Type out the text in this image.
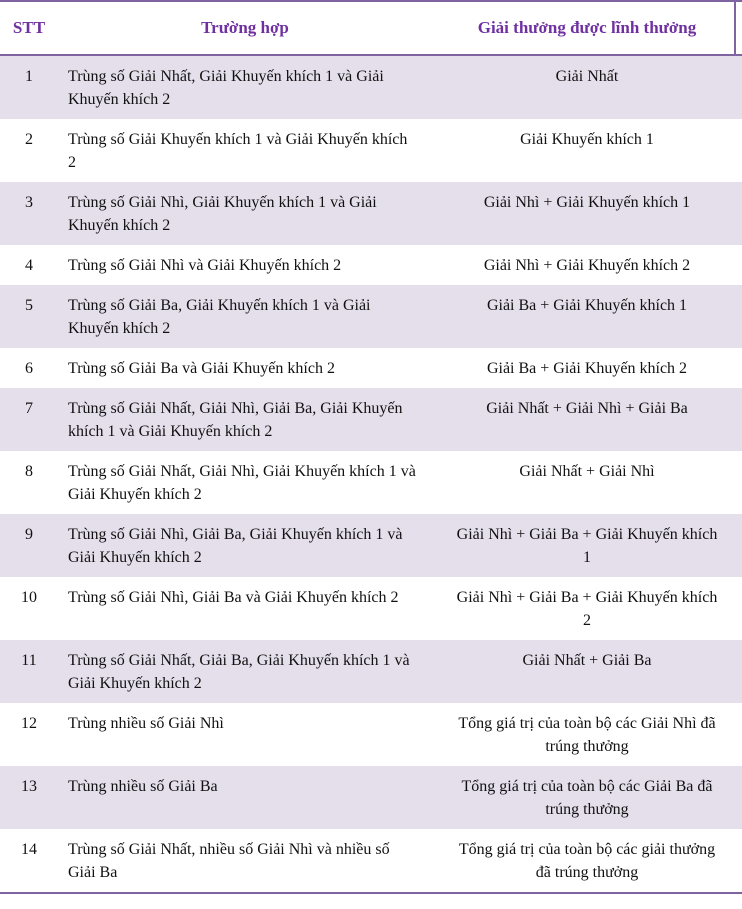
STT	Trường hợp	Giải thưởng được lĩnh thưởng
1	Trùng số Giải Nhất, Giải Khuyến khích 1 và Giải Khuyến khích 2	Giải Nhất
2	Trùng số Giải Khuyến khích 1 và Giải Khuyến khích 2	Giải Khuyến khích 1
3	Trùng số Giải Nhì, Giải Khuyến khích 1 và Giải Khuyến khích 2	Giải Nhì + Giải Khuyến khích 1
4	Trùng số Giải Nhì và Giải Khuyến khích 2	Giải Nhì + Giải Khuyến khích 2
5	Trùng số Giải Ba, Giải Khuyến khích 1 và Giải Khuyến khích 2	Giải Ba + Giải Khuyến khích 1
6	Trùng số Giải Ba và Giải Khuyến khích 2	Giải Ba + Giải Khuyến khích 2
7	Trùng số Giải Nhất, Giải Nhì, Giải Ba, Giải Khuyến khích 1 và Giải Khuyến khích 2	Giải Nhất + Giải Nhì + Giải Ba
8	Trùng số Giải Nhất, Giải Nhì, Giải Khuyến khích 1 và Giải Khuyến khích 2	Giải Nhất + Giải Nhì
9	Trùng số Giải Nhì, Giải Ba, Giải Khuyến khích 1 và Giải Khuyến khích 2	Giải Nhì + Giải Ba + Giải Khuyến khích 1
10	Trùng số Giải Nhì, Giải Ba và Giải Khuyến khích 2	Giải Nhì + Giải Ba + Giải Khuyến khích 2
11	Trùng số Giải Nhất, Giải Ba, Giải Khuyến khích 1 và Giải Khuyến khích 2	Giải Nhất + Giải Ba
12	Trùng nhiều số Giải Nhì	Tổng giá trị của toàn bộ các Giải Nhì đã trúng thưởng
13	Trùng nhiều số Giải Ba	Tổng giá trị của toàn bộ các Giải Ba đã trúng thưởng
14	Trùng số Giải Nhất, nhiều số Giải Nhì và nhiều số Giải Ba	Tổng giá trị của toàn bộ các giải thưởng đã trúng thưởng
